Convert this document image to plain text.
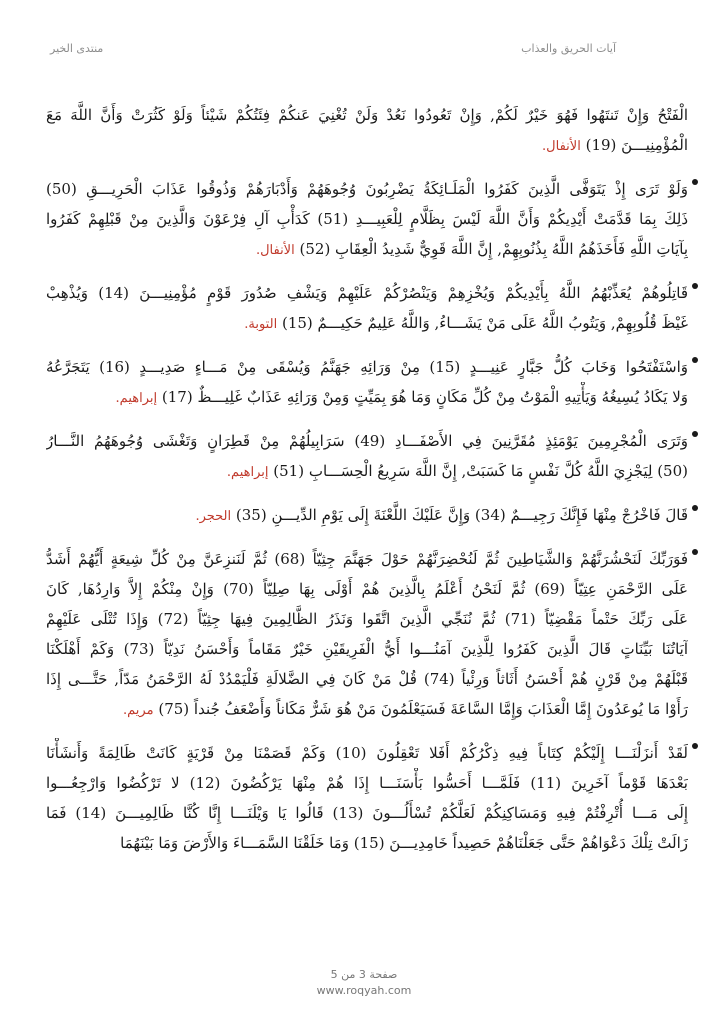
آيات الحريق والعذاب
منتدى الخير
الْفَتْحُ وَإِنْ تَنتَهُوا فَهُوَ خَيْرٌ لَكُمْ, وَإِنْ تَعُودُوا نَعُدْ وَلَنْ تُغْنِيَ عَنكُمْ فِئَتُكُمْ شَيْئاً وَلَوْ كَثُرَتْ وَأَنَّ اللَّهَ مَعَ
الْمُؤْمِنِيـــنَ (19) الأنفال.
وَلَوْ تَرَى إِذْ يَتَوَفَّى الَّذِينَ كَفَرُوا الْمَلَـائِكَةُ يَضْرِبُونَ وُجُوهَهُمْ وَأَدْبَارَهُمْ وَذُوقُوا عَذَابَ الْحَرِيـــقِ (50)
ذَلِكَ بِمَا قَدَّمَتْ أَيْدِيكُمْ وَأَنَّ اللَّهَ لَيْسَ بِظَلَّامٍ لِلْعَبِيـــدِ (51) كَدَأْبِ آلِ فِرْعَوْنَ وَالَّذِينَ مِنْ قَبْلِهِمْ كَفَرُوا
بِآيَاتِ اللَّهِ فَأَخَذَهُمُ اللَّهُ بِذُنُوبِهِمْ, إِنَّ اللَّهَ قَوِيٌّ شَدِيدُ الْعِقَابِ (52) الأنفال.
قَاتِلُوهُمْ يُعَذِّبْهُمُ اللَّهُ بِأَيْدِيكُمْ وَيُخْزِهِمْ وَيَنْصُرْكُمْ عَلَيْهِمْ وَيَشْفِ صُدُورَ قَوْمٍ مُؤْمِنِيـــنَ (14) وَيُذْهِبْ
غَيْظَ قُلُوبِهِمْ, وَيَتُوبُ اللَّهُ عَلَى مَنْ يَشَـــاءُ, وَاللَّهُ عَلِيمٌ حَكِيـــمٌ (15) التوبة.
وَاسْتَفْتَحُوا وَخَابَ كُلُّ جَبَّارٍ عَنِيـــدٍ (15) مِنْ وَرَائِهِ جَهَنَّمُ وَيُسْقَى مِنْ مَـــاءٍ صَدِيـــدٍ (16) يَتَجَرَّعُهُ
وَلا يَكَادُ يُسِيغُهُ وَيَأْتِيهِ الْمَوْتُ مِنْ كُلِّ مَكَانٍ وَمَا هُوَ بِمَيِّتٍ وَمِنْ وَرَائِهِ عَذَابٌ غَلِيـــظٌ (17) إبراهيم.
وَتَرَى الْمُجْرِمِينَ يَوْمَئِذٍ مُقَرَّنِينَ فِي الأَصْفَـــادِ (49) سَرَابِيلُهُمْ مِنْ قَطِرَانٍ وَتَغْشَى وُجُوهَهُمُ النَّـــارُ
(50) لِيَجْزِيَ اللَّهُ كُلَّ نَفْسٍ مَا كَسَبَتْ, إِنَّ اللَّهَ سَرِيعُ الْحِسَـــابِ (51) إبراهيم.
قَالَ فَاخْرُجْ مِنْهَا فَإِنَّكَ رَجِيـــمٌ (34) وَإِنَّ عَلَيْكَ اللَّعْنَةَ إِلَى يَوْمِ الدِّيـــنِ (35) الحجر.
فَوَرَبِّكَ لَنَحْشُرَنَّهُمْ وَالشَّيَاطِينَ ثُمَّ لَنُحْضِرَنَّهُمْ حَوْلَ جَهَنَّمَ جِثِيّاً (68) ثُمَّ لَنَنزِعَنَّ مِنْ كُلِّ شِيعَةٍ أَيُّهُمْ أَشَدُّ
عَلَى الرَّحْمَنِ عِتِيّاً (69) ثُمَّ لَنَحْنُ أَعْلَمُ بِالَّذِينَ هُمْ أَوْلَى بِهَا صِلِيّاً (70) وَإِنْ مِنْكُمْ إِلاَّ وَارِدُهَا, كَانَ
عَلَى رَبِّكَ حَتْماً مَقْضِيّاً (71) ثُمَّ نُنَجِّي الَّذِينَ اتَّقَوا وَنَذَرُ الظَّالِمِينَ فِيهَا جِثِيّاً (72) وَإِذَا تُتْلَى عَلَيْهِمْ
آيَاتُنَا بَيِّنَاتٍ قَالَ الَّذِينَ كَفَرُوا لِلَّذِينَ آمَنُـــوا أَيُّ الْفَرِيقَيْنِ خَيْرٌ مَقَاماً وَأَحْسَنُ نَدِيّاً (73) وَكَمْ أَهْلَكْنَا
قَبْلَهُمْ مِنْ قَرْنٍ هُمْ أَحْسَنُ أَثَاثاً وَرِئْياً (74) قُلْ مَنْ كَانَ فِي الضَّلالَةِ فَلْيَمْدُدْ لَهُ الرَّحْمَنُ مَدّاً, حَتَّـــى إِذَا
رَأَوْا مَا يُوعَدُونَ إِمَّا الْعَذَابَ وَإِمَّا السَّاعَةَ فَسَيَعْلَمُونَ مَنْ هُوَ شَرٌّ مَكَاناً وَأَضْعَفُ جُنداً (75) مريم.
لَقَدْ أَنزَلْنَـــا إِلَيْكُمْ كِتَاباً فِيهِ ذِكْرُكُمْ أَفَلا تَعْقِلُونَ (10) وَكَمْ قَصَمْنَا مِنْ قَرْيَةٍ كَانَتْ ظَالِمَةً وَأَنشَأْنَا
بَعْدَهَا قَوْماً آخَرِينَ (11) فَلَمَّـــا أَحَسُّوا بَأْسَنَـــا إِذَا هُمْ مِنْهَا يَرْكُضُونَ (12) لا تَرْكُضُوا وَارْجِعُـــوا
إِلَى مَـــا أُتْرِفْتُمْ فِيهِ وَمَسَاكِنِكُمْ لَعَلَّكُمْ تُسْأَلُـــونَ (13) قَالُوا يَا وَيْلَنَـــا إِنَّا كُنَّا ظَالِمِيـــنَ (14) فَمَا
زَالَتْ تِلْكَ دَعْوَاهُمْ حَتَّى جَعَلْنَاهُمْ حَصِيداً خَامِدِيـــنَ (15) وَمَا خَلَقْنَا السَّمَـــاءَ وَالأَرْضَ وَمَا بَيْنَهُمَا
صفحة 3 من 5
www.roqyah.com
